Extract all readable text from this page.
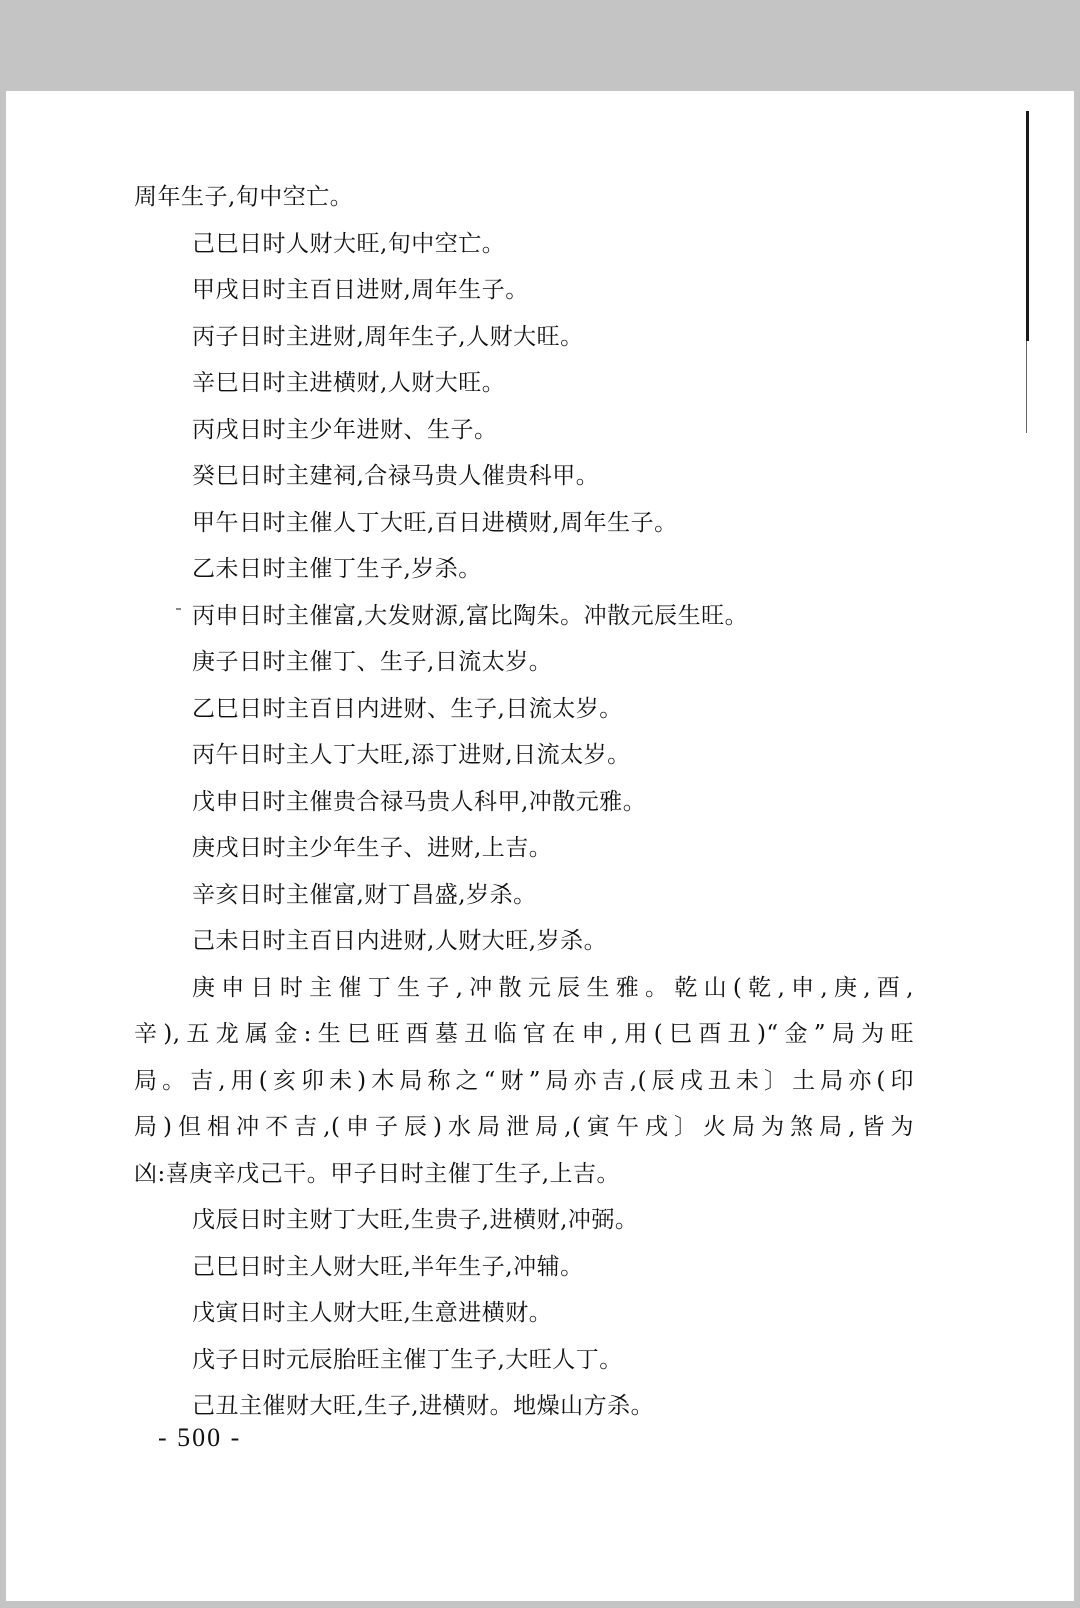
周年生子,旬中空亡。
己巳日时人财大旺,旬中空亡。
甲戌日时主百日进财,周年生子。
丙子日时主进财,周年生子,人财大旺。
辛巳日时主进横财,人财大旺。
丙戌日时主少年进财、生子。
癸巳日时主建祠,合禄马贵人催贵科甲。
甲午日时主催人丁大旺,百日进横财,周年生子。
乙未日时主催丁生子,岁杀。
丙申日时主催富,大发财源,富比陶朱。冲散元辰生旺。
庚子日时主催丁、生子,日流太岁。
乙巳日时主百日内进财、生子,日流太岁。
丙午日时主人丁大旺,添丁进财,日流太岁。
戊申日时主催贵合禄马贵人科甲,冲散元雅。
庚戌日时主少年生子、进财,上吉。
辛亥日时主催富,财丁昌盛,岁杀。
己未日时主百日内进财,人财大旺,岁杀。
庚申日时主催丁生子,冲散元辰生雅。乾山(乾,申,庚,酉,
辛),五龙属金:生巳旺酉墓丑临官在申,用(巳酉丑)“金”局为旺
局。吉,用(亥卯未)木局称之“财”局亦吉,(辰戌丑未〕土局亦(印
局)但相冲不吉,(申子辰)水局泄局,(寅午戌〕火局为煞局,皆为
凶:喜庚辛戊己干。甲子日时主催丁生子,上吉。
戊辰日时主财丁大旺,生贵子,进横财,冲弼。
己巳日时主人财大旺,半年生子,冲辅。
戊寅日时主人财大旺,生意进横财。
戊子日时元辰胎旺主催丁生子,大旺人丁。
己丑主催财大旺,生子,进横财。地燥山方杀。
- 500 -
